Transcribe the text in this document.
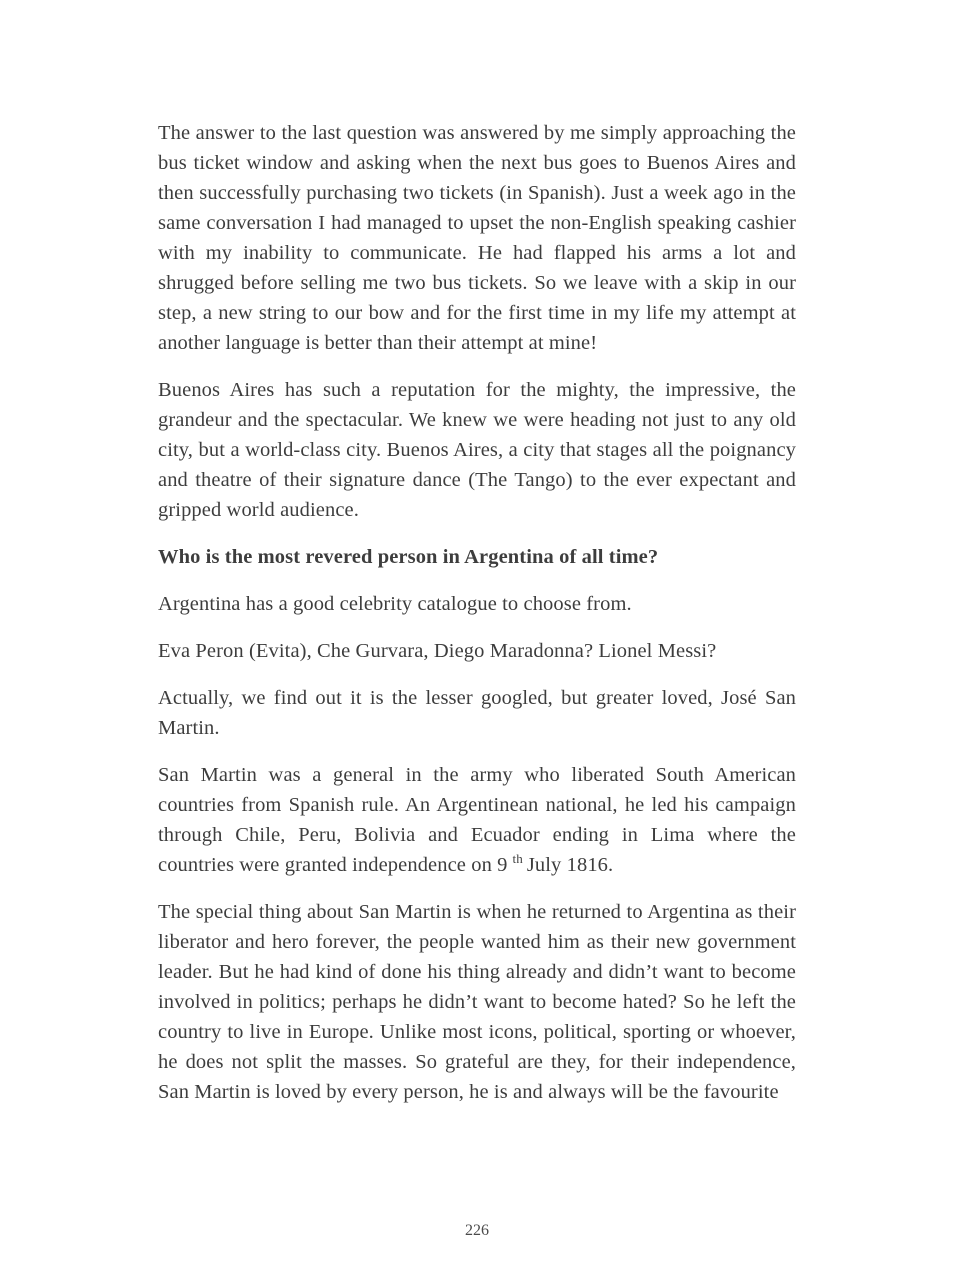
The answer to the last question was answered by me simply approaching the bus ticket window and asking when the next bus goes to Buenos Aires and then successfully purchasing two tickets (in Spanish). Just a week ago in the same conversation I had managed to upset the non-English speaking cashier with my inability to communicate. He had flapped his arms a lot and shrugged before selling me two bus tickets. So we leave with a skip in our step, a new string to our bow and for the first time in my life my attempt at another language is better than their attempt at mine!

Buenos Aires has such a reputation for the mighty, the impressive, the grandeur and the spectacular. We knew we were heading not just to any old city, but a world-class city. Buenos Aires, a city that stages all the poignancy and theatre of their signature dance (The Tango) to the ever expectant and gripped world audience.

Who is the most revered person in Argentina of all time?

Argentina has a good celebrity catalogue to choose from.

Eva Peron (Evita), Che Gurvara, Diego Maradonna? Lionel Messi?

Actually, we find out it is the lesser googled, but greater loved, José San Martin.

San Martin was a general in the army who liberated South American countries from Spanish rule. An Argentinean national, he led his campaign through Chile, Peru, Bolivia and Ecuador ending in Lima where the countries were granted independence on 9 $^{th}$ July 1816.

The special thing about San Martin is when he returned to Argentina as their liberator and hero forever, the people wanted him as their new government leader. But he had kind of done his thing already and didn’t want to become involved in politics; perhaps he didn’t want to become hated? So he left the country to live in Europe. Unlike most icons, political, sporting or whoever, he does not split the masses. So grateful are they, for their independence, San Martin is loved by every person, he is and always will be the favourite

226
